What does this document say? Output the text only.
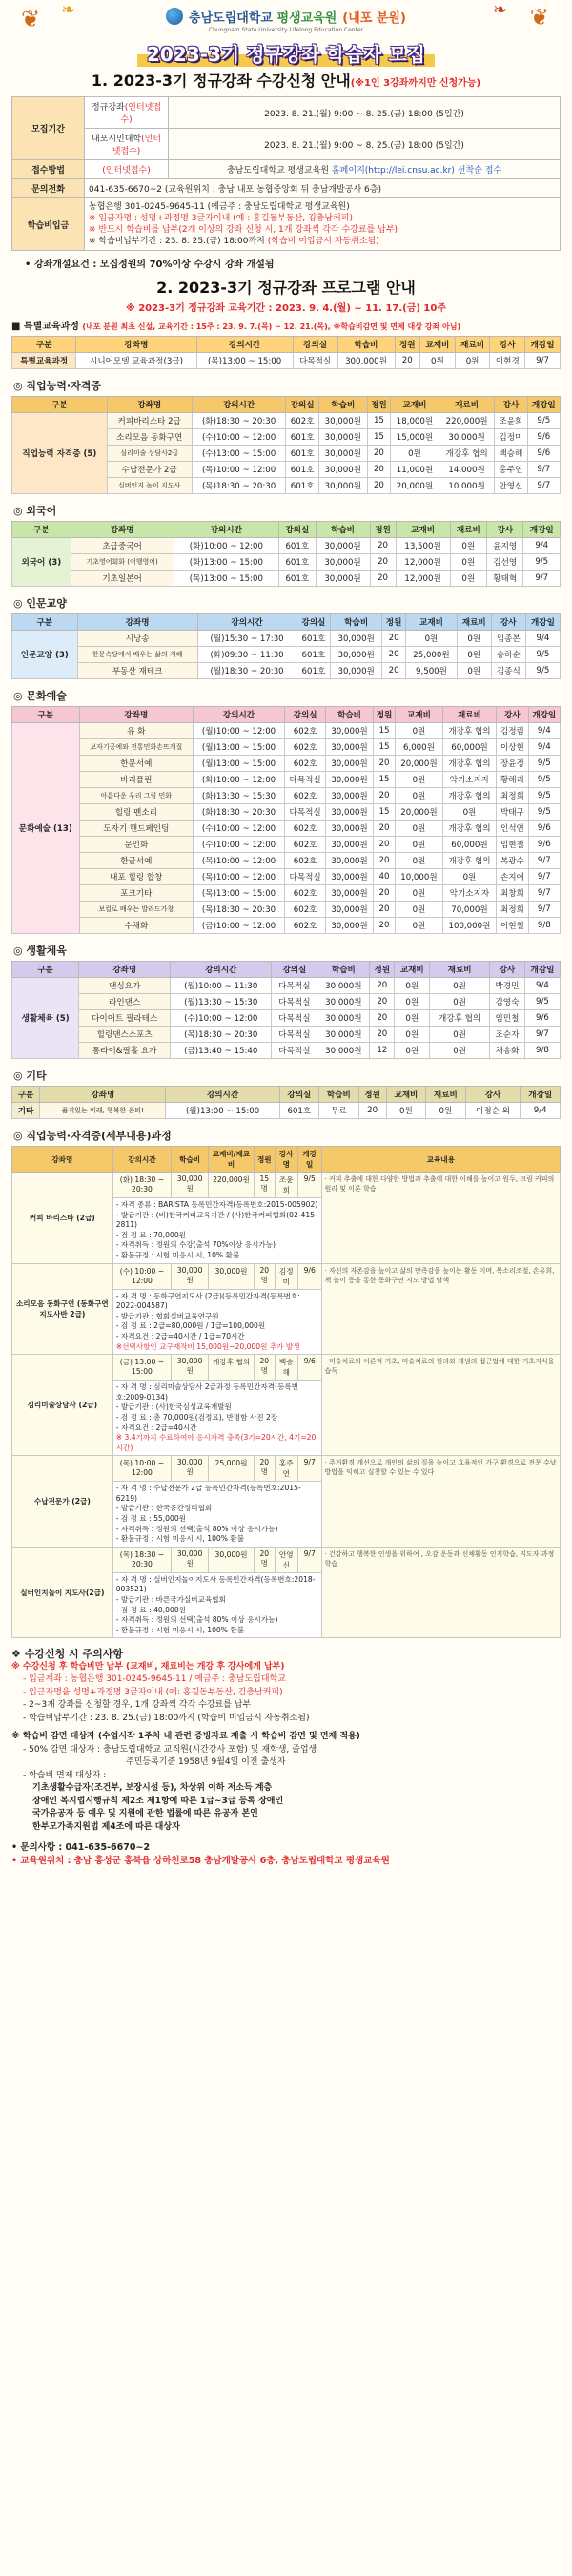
❦ ❧	❦
❧
충남도립대학교 평생교육원 (내포 분원)
Chungnam State University Lifelong Education Center
2023-3기 정규강좌 학습자 모집
1. 2023-3기 정규강좌 수강신청 안내(※1인 3강좌까지만 신청가능)
모집기간	정규강좌(인터넷접수)	2023. 8. 21.(월) 9:00 ~ 8. 25.(금) 18:00 (5일간)
	내포시민대학(인터넷접수)	2023. 8. 21.(월) 9:00 ~ 8. 25.(금) 18:00 (5일간)
접수방법	(인터넷접수)	충남도립대학교 평생교육원 홈페이지(http://lei.cnsu.ac.kr) 선착순 접수
문의전화	041-635-6670~2 (교육원위치 : 충남 내포 농협중앙회 뒤 충남개발공사 6층)	
학습비입금	농협은행 301-0245-9645-11 (예금주 : 충남도립대학교 평생교육원)
※ 입금자명 : 성명+과정명 3글자이내 (예 : 홍길동부동산, 김충남커피)
※ 반드시 학습비를 납부(2개 이상의 강좌 신청 시, 1개 강좌씩 각각 수강료를 납부)
※ 학습비납부기간 : 23. 8. 25.(금) 18:00까지 (학습비 미입금시 자동취소됨)	
• 강좌개설요건 : 모집정원의 70%이상 수강시 강좌 개설됨
2. 2023-3기 정규강좌 프로그램 안내
※ 2023-3기 정규강좌 교육기간 : 2023. 9. 4.(월) ~ 11. 17.(금) 10주
■ 특별교육과정 (내포 분원 최초 신설, 교육기간 : 15주 : 23. 9. 7.(목) ~ 12. 21.(목), ※학습비감면 및 면제 대상 강좌 아님)
구분	강좌명	강의시간	강의실	학습비	정원	교재비	재료비	강사	개강일
특별교육과정	시니어모델 교육과정(3급)	(목)13:00 ~ 15:00	다목적실	300,000원	20	0원	0원	이현경	9/7
◎ 직업능력·자격증
구분	강좌명	강의시간	강의실	학습비	정원	교재비	재료비	강사	개강일
직업능력 자격증 (5)	커피바리스타 2급	(화)18:30 ~ 20:30	602호	30,000원	15	18,000원	220,000원	조윤희	9/5
	소리모음 동화구연	(수)10:00 ~ 12:00	601호	30,000원	15	15,000원	30,000원	김정미	9/6
	심리미술 상담사2급	(수)13:00 ~ 15:00	601호	30,000원	20	0원	개강후 협의	백승해	9/6
	수납전문가 2급	(목)10:00 ~ 12:00	601호	30,000원	20	11,000원	14,000원	홍주연	9/7
	실버인지 놀이 지도사	(목)18:30 ~ 20:30	601호	30,000원	20	20,000원	10,000원	안영신	9/7
◎ 외국어
구분	강좌명	강의시간	강의실	학습비	정원	교재비	재료비	강사	개강일
외국어 (3)	초급중국어	(화)10:00 ~ 12:00	601호	30,000원	20	13,500원	0원	윤지영	9/4
	기초영어회화 (여행영어)	(화)13:00 ~ 15:00	601호	30,000원	20	12,000원	0원	김선영	9/5
	기초일본어	(목)13:00 ~ 15:00	601호	30,000원	20	12,000원	0원	황태혁	9/7
◎ 인문교양
구분	강좌명	강의시간	강의실	학습비	정원	교재비	재료비	강사	개강일
인문교양 (3)	시낭송	(월)15:30 ~ 17:30	601호	30,000원	20	0원	0원	임종본	9/4
	한문속담에서 배우는 삶의 지혜	(화)09:30 ~ 11:30	601호	30,000원	20	25,000원	0원	송하순	9/5
	부동산 재테크	(월)18:30 ~ 20:30	601호	30,000원	20	9,500원	0원	김종식	9/5
◎ 문화예술
구분	강좌명	강의시간	강의실	학습비	정원	교재비	재료비	강사	개강일
문화예술 (13)	유 화	(월)10:00 ~ 12:00	602호	30,000원	15	0원	개강후 협의	김정림	9/4
	보자기공예와 전통민화손뜨개질	(월)13:00 ~ 15:00	602호	30,000원	15	6,000원	60,000원	이상현	9/4
	한문서예	(월)13:00 ~ 15:00	602호	30,000원	20	20,000원	개강후 협의	장윤정	9/5
	바리폴린	(화)10:00 ~ 12:00	다목적실	30,000원	15	0원	악기소지자	황해리	9/5
	아름다운 우리 그림 민화	(화)13:30 ~ 15:30	602호	30,000원	20	0원	개강후 협의	최정희	9/5
	힐링 펜소리	(화)18:30 ~ 20:30	다목적실	30,000원	15	20,000원	0원	박태구	9/5
	도자기 핸드페인팅	(수)10:00 ~ 12:00	602호	30,000원	20	0원	개강후 협의	인석연	9/6
	문인화	(수)10:00 ~ 12:00	602호	30,000원	20	0원	60,000원	임현철	9/6
	한글서예	(목)10:00 ~ 12:00	602호	30,000원	20	0원	개강후 협의	복광수	9/7
	내포 힐링 합창	(목)10:00 ~ 12:00	다목적실	30,000원	40	10,000원	0원	손지애	9/7
	포크기타	(목)13:00 ~ 15:00	602호	30,000원	20	0원	악기소지자	최창희	9/7
	보컬로 배우는 발라드가창	(목)18:30 ~ 20:30	602호	30,000원	20	0원	70,000원	최정희	9/7
	수채화	(금)10:00 ~ 12:00	602호	30,000원	20	0원	100,000원	이현철	9/8
◎ 생활체육
구분	강좌명	강의시간	강의실	학습비	정원	교재비	재료비	강사	개강일
생활체육 (5)	댄싱요가	(월)10:00 ~ 11:30	다목적실	30,000원	20	0원	0원	박경민	9/4
	라인댄스	(월)13:30 ~ 15:30	다목적실	30,000원	20	0원	0원	김영숙	9/5
	다이어트 필라테스	(수)10:00 ~ 12:00	다목적실	30,000원	20	0원	개강후 협의	임민철	9/6
	힐링댄스스포츠	(목)18:30 ~ 20:30	다목적실	30,000원	20	0원	0원	조순자	9/7
	통라이&필홀 요가	(금)13:40 ~ 15:40	다목적실	30,000원	12	0원	0원	채송화	9/8
◎ 기타
구분	강좌명	강의시간	강의실	학습비	정원	교재비	재료비	강사	개강일
기타	품격있는 미래, 행복한 은퇴!	(월)13:00 ~ 15:00	601호	무료	20	0원	0원	이정순 외	9/4
◎ 직업능력·자격증(세부내용)과정
강좌명	강의시간	학습비	교재비/재료비	정원	강사명	개강일	교육내용
커피 바리스타 (2급)	(화) 18:30 ~ 20:30	30,000원	220,000원	15명	조윤희	9/5	· 커피 추출에 대한 다양한 방법과 추출에 대한 이해를 높이고 원두, 크림 커피의 원리 및 이론 학습

	- 자격 종류 : BARISTA 등록민간자격(등록번호:2015-005902)
- 발급기관 : (비)한국커피교육기관 / (사)한국커피협회(02-415-2811)
- 검 정 료 : 70,000원
- 자격취득 : 정원의 수강(출석 70%이상 응시가능)
- 환불규정 : 시험 미응시 시, 10% 환불						

소리모음 동화구연 (동화구연 지도사반 2급)	(수) 10:00 ~ 12:00	30,000원	30,000원	20명	김정미	9/6	· 자신의 자존감을 높이고 삶의 만족감을 높이는 활동 이며, 목소리조절, 손유희, 책 놀이 등을 통한 동화구연 지도 방법 탐색

	- 자 격 명 : 동화구연지도사 (2급)(등록민간자격(등록번호: 2022-004587)
- 발급기관 : 협회실버교육연구원
- 검 정 료 : 2급=80,000원 / 1급=100,000원
- 자격요건 : 2급=40시간 / 1급=70시간
※선택사항인 교구재작비 15,000원~20,000원 추가 발생						

심리미술상담사 (2급)	(금) 13:00 ~ 15:00	30,000원	개강후 협의	20명	백승해	9/6	· 미술치료의 이론적 기초, 미술치료의 원리와 개념의 접근법에 대한 기초지식을 습득

	- 자 격 명 : 심리미술상담사 2급과정 등록민간자격(등록번호:2009-0134)
- 발급기관 : (사)한국심성교육개발원
- 검 정 료 : 총 70,000원(검정료), 반명함 사진 2장
- 자격요건 : 2급=40시간
※ 3.4기까지 수료하여야 응시자격 충족(3기=20시간, 4기=20시간)						

수납전문가 (2급)	(목) 10:00 ~ 12:00	30,000원	25,000원	20명	홍주연	9/7	· 주거환경 개선으로 개인의 삶의 질을 높이고 효율적인 가구 환경으로 전문 수납 방법을 익히고 실천할 수 있는 수 있다

	- 자 격 명 : 수납전문가 2급 등록민간자격(등록번호:2015-6219)
- 발급기관 : 한국공간정리협회
- 검 정 료 : 55,000원
- 자격취득 : 정원의 선택(출석 80% 이상 응시가능)
- 환불규정 : 시험 미응시 시, 100% 환불						

실버인지놀이 지도사(2급)	(목) 18:30 ~ 20:30	30,000원	30,000원	20명	안영신	9/7	· 건강하고 행복한 인생을 위하여 , 오감 운동과 신체활동 인지학습, 지도자 과정 학습

	- 자 격 명 : 실버인지놀이지도사 등록민간자격(등록번호:2018-003521)
- 발급기관 : 바른국가실버교육협회
- 검 정 료 : 40,000원
- 자격취득 : 정원의 선택(출석 80% 이상 응시가능)
- 환불규정 : 시험 미응시 시, 100% 환불						
❖ 수강신청 시 주의사항
※ 수강신청 후 학습비만 납부 (교재비, 재료비는 개강 후 강사에게 납부)
- 입금계좌 : 농협은행 301-0245-9645-11 / 예금주 : 충남도립대학교
- 입금자명을 성명+과정명 3글자이내 (예: 홍길동부동산, 김충남커피)
- 2~3개 강좌를 신청할 경우, 1개 강좌씩 각각 수강료를 납부
- 학습비납부기간 : 23. 8. 25.(금) 18:00까지 (학습비 미입금시 자동취소됨)
※ 학습비 감면 대상자 (수업시작 1주차 내 관련 증빙자료 제출 시 학습비 감면 및 면제 적용)
- 50% 감면 대상자 : 충남도립대학교 교직원(시간강사 포함) 및 재학생, 졸업생
주민등록기준 1958년 9월4일 이전 출생자
- 학습비 면제 대상자 :
기초생활수급자(조건부, 보장시설 등), 차상위 이하 저소득 계층
장애인 복지법시행규칙 제2조 제1항에 따른 1급~3급 등록 장애인
국가유공자 등 예우 및 지원에 관한 법률에 따른 유공자 본인
한부모가족지원법 제4조에 따른 대상자
• 문의사항 : 041-635-6670~2
• 교육원위치 : 충남 홍성군 홍북읍 상하천로58 충남개발공사 6층, 충남도립대학교 평생교육원
